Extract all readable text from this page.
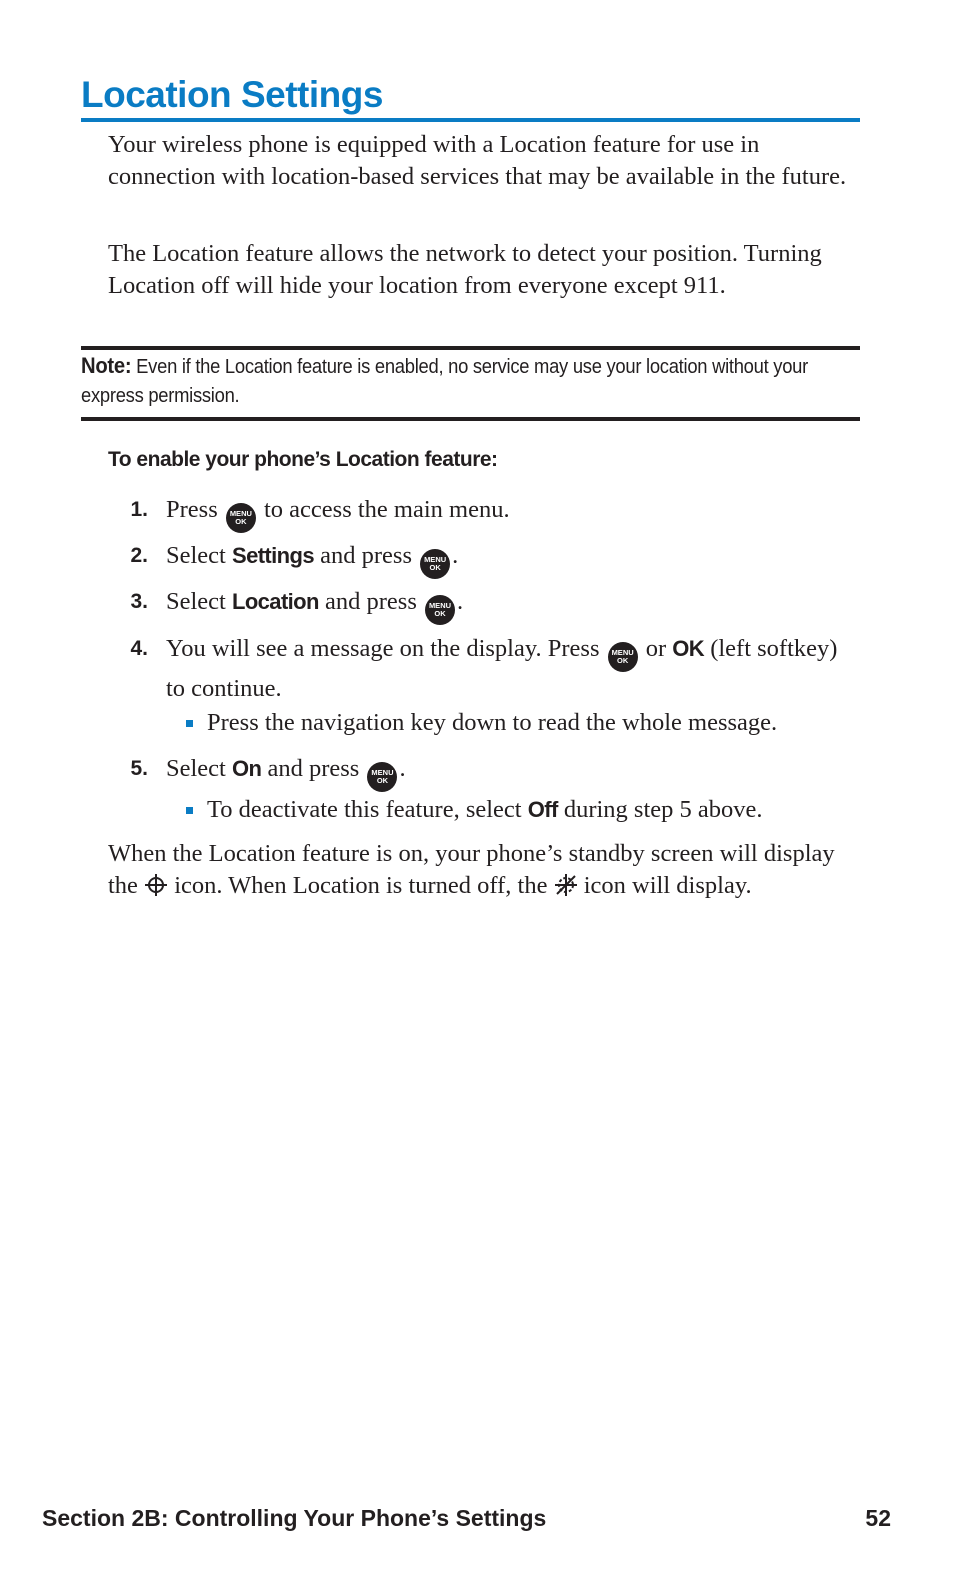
Location Settings

Your wireless phone is equipped with a Location feature for use in connection with location-based services that may be available in the future.

The Location feature allows the network to detect your position. Turning Location off will hide your location from everyone except 911.

Note: Even if the Location feature is enabled, no service may use your location without your express permission.

To enable your phone’s Location feature:

1. Press	MENU
OK to access the main menu.
2. Select Settings and press	MENU
OK .
3. Select Location and press	MENU
OK .
4. You will see a message on the display. Press	MENU
OK or OK (left softkey) to continue.
Press the navigation key down to read the whole message.
5. Select On and press	MENU
OK .
To deactivate this feature, select Off during step 5 above.

When the Location feature is on, your phone’s standby screen will display the icon. When Location is turned off, the icon will display.

Section 2B: Controlling Your Phone’s Settings	52
